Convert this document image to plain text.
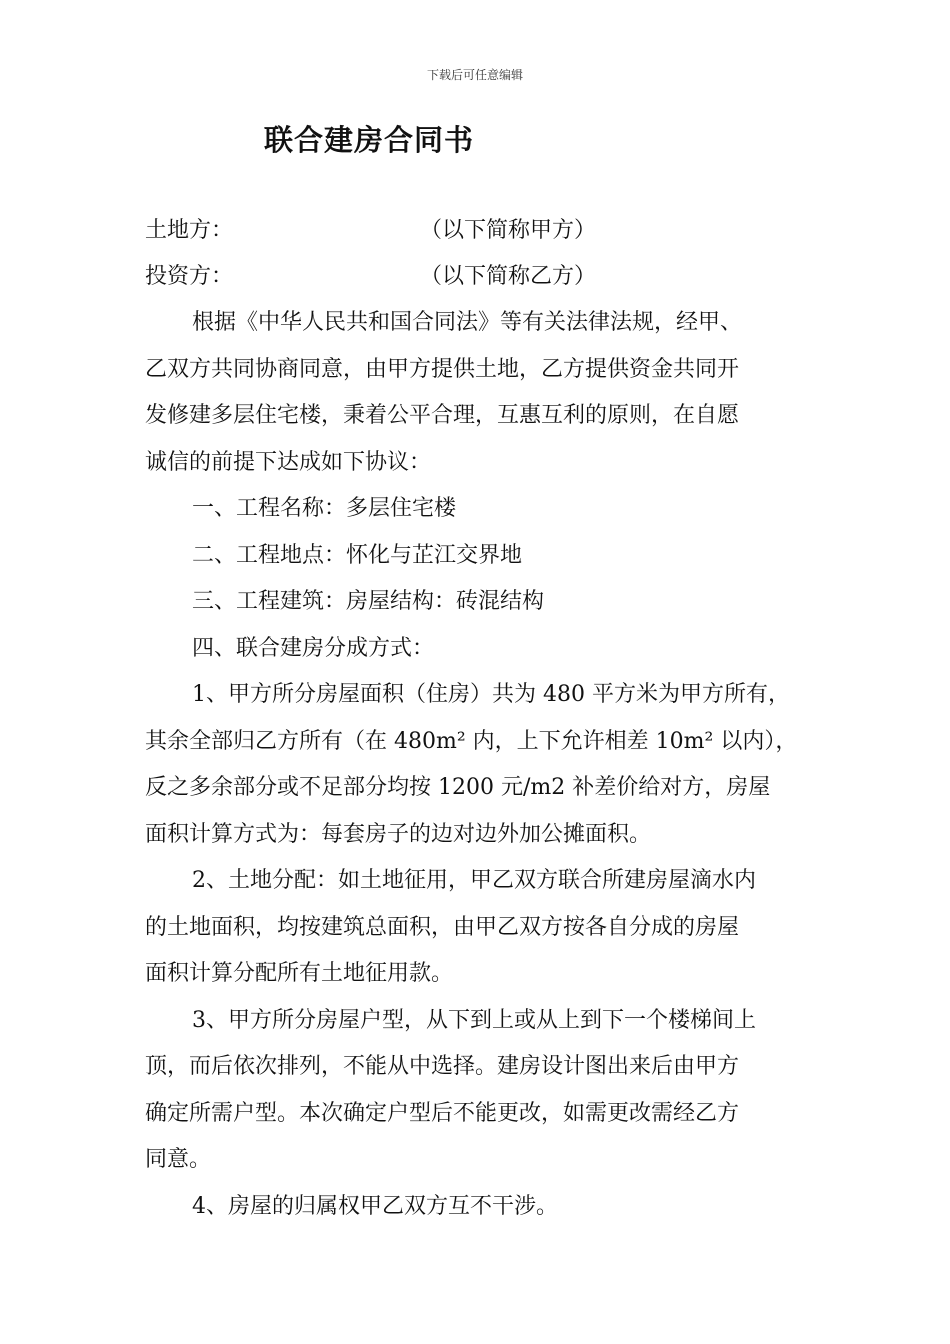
下载后可任意编辑
联合建房合同书
土地方：	（以下简称甲方）
投资方：	（以下简称乙方）
根据《中华人民共和国合同法》等有关法律法规，经甲、
乙双方共同协商同意，由甲方提供土地，乙方提供资金共同开
发修建多层住宅楼，秉着公平合理，互惠互利的原则，在自愿
诚信的前提下达成如下协议：
一、工程名称：多层住宅楼
二、工程地点：怀化与芷江交界地
三、工程建筑：房屋结构：砖混结构
四、联合建房分成方式：
1、甲方所分房屋面积（住房）共为 480 平方米为甲方所有，
其余全部归乙方所有（在 480m² 内，上下允许相差 10m² 以内），
反之多余部分或不足部分均按 1200 元/m2 补差价给对方，房屋
面积计算方式为：每套房子的边对边外加公摊面积。
2、土地分配：如土地征用，甲乙双方联合所建房屋滴水内
的土地面积，均按建筑总面积，由甲乙双方按各自分成的房屋
面积计算分配所有土地征用款。
3、甲方所分房屋户型，从下到上或从上到下一个楼梯间上
顶，而后依次排列，不能从中选择。建房设计图出来后由甲方
确定所需户型。本次确定户型后不能更改，如需更改需经乙方
同意。
4、房屋的归属权甲乙双方互不干涉。
